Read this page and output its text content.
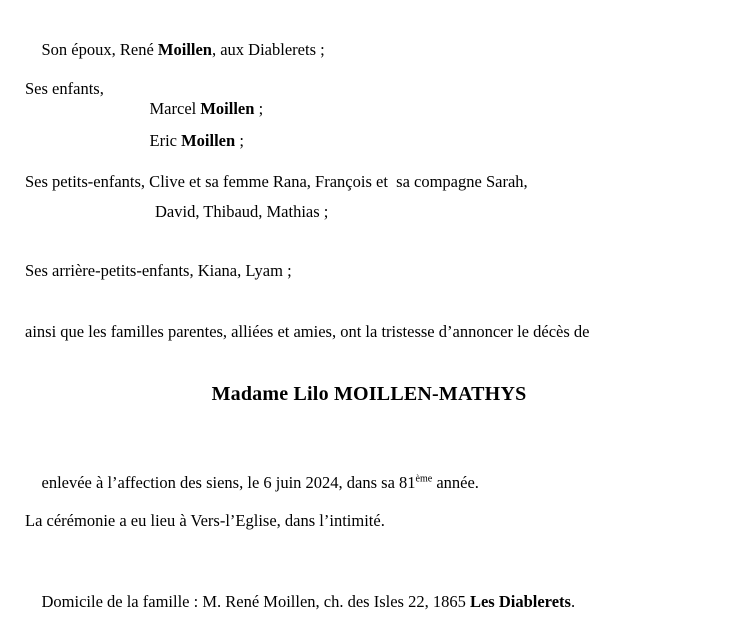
Son époux, René Moillen, aux Diablerets ;

Ses enfants,

Marcel Moillen ;

Eric Moillen ;

Ses petits-enfants, Clive et sa femme Rana, François et  sa compagne Sarah,
David, Thibaud, Mathias ;
Ses arrière-petits-enfants, Kiana, Lyam ;
ainsi que les familles parentes, alliées et amies, ont la tristesse d’annoncer le décès de
Madame Lilo MOILLEN-MATHYS

enlevée à l’affection des siens, le 6 juin 2024, dans sa 81ème année.

La cérémonie a eu lieu à Vers-l’Eglise, dans l’intimité.

Domicile de la famille : M. René Moillen, ch. des Isles 22, 1865 Les Diablerets.
